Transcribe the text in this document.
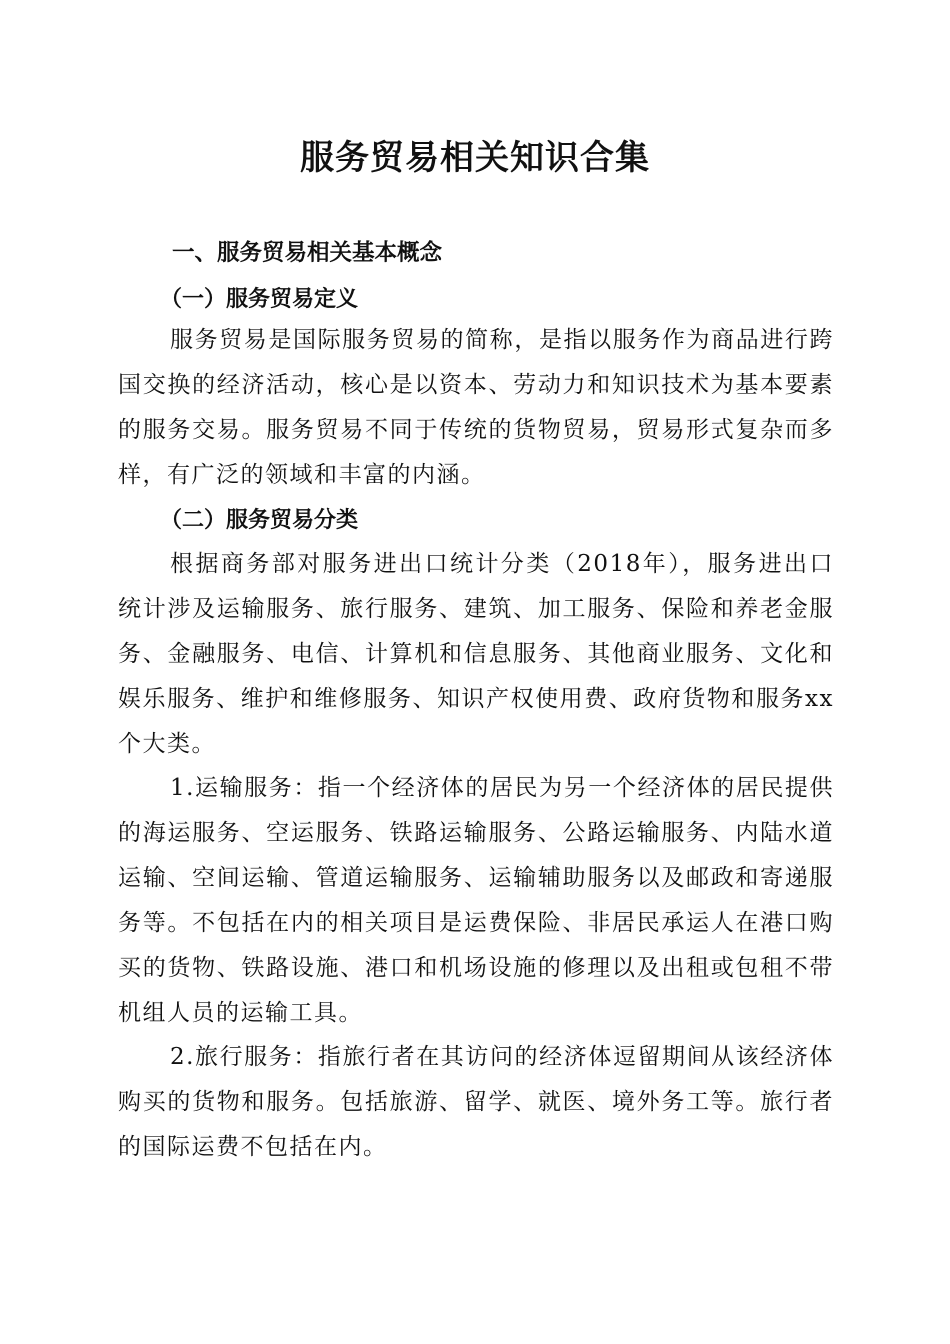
服务贸易相关知识合集
一、服务贸易相关基本概念
（一）服务贸易定义

服务贸易是国际服务贸易的简称，是指以服务作为商品进行跨国交换的经济活动，核心是以资本、劳动力和知识技术为基本要素的服务交易。服务贸易不同于传统的货物贸易，贸易形式复杂而多样，有广泛的领域和丰富的内涵。

（二）服务贸易分类

根据商务部对服务进出口统计分类（2018年），服务进出口统计涉及运输服务、旅行服务、建筑、加工服务、保险和养老金服务、金融服务、电信、计算机和信息服务、其他商业服务、文化和娱乐服务、维护和维修服务、知识产权使用费、政府货物和服务xx个大类。

1.运输服务：指一个经济体的居民为另一个经济体的居民提供的海运服务、空运服务、铁路运输服务、公路运输服务、内陆水道运输、空间运输、管道运输服务、运输辅助服务以及邮政和寄递服务等。不包括在内的相关项目是运费保险、非居民承运人在港口购买的货物、铁路设施、港口和机场设施的修理以及出租或包租不带机组人员的运输工具。

2.旅行服务：指旅行者在其访问的经济体逗留期间从该经济体购买的货物和服务。包括旅游、留学、就医、境外务工等。旅行者的国际运费不包括在内。
